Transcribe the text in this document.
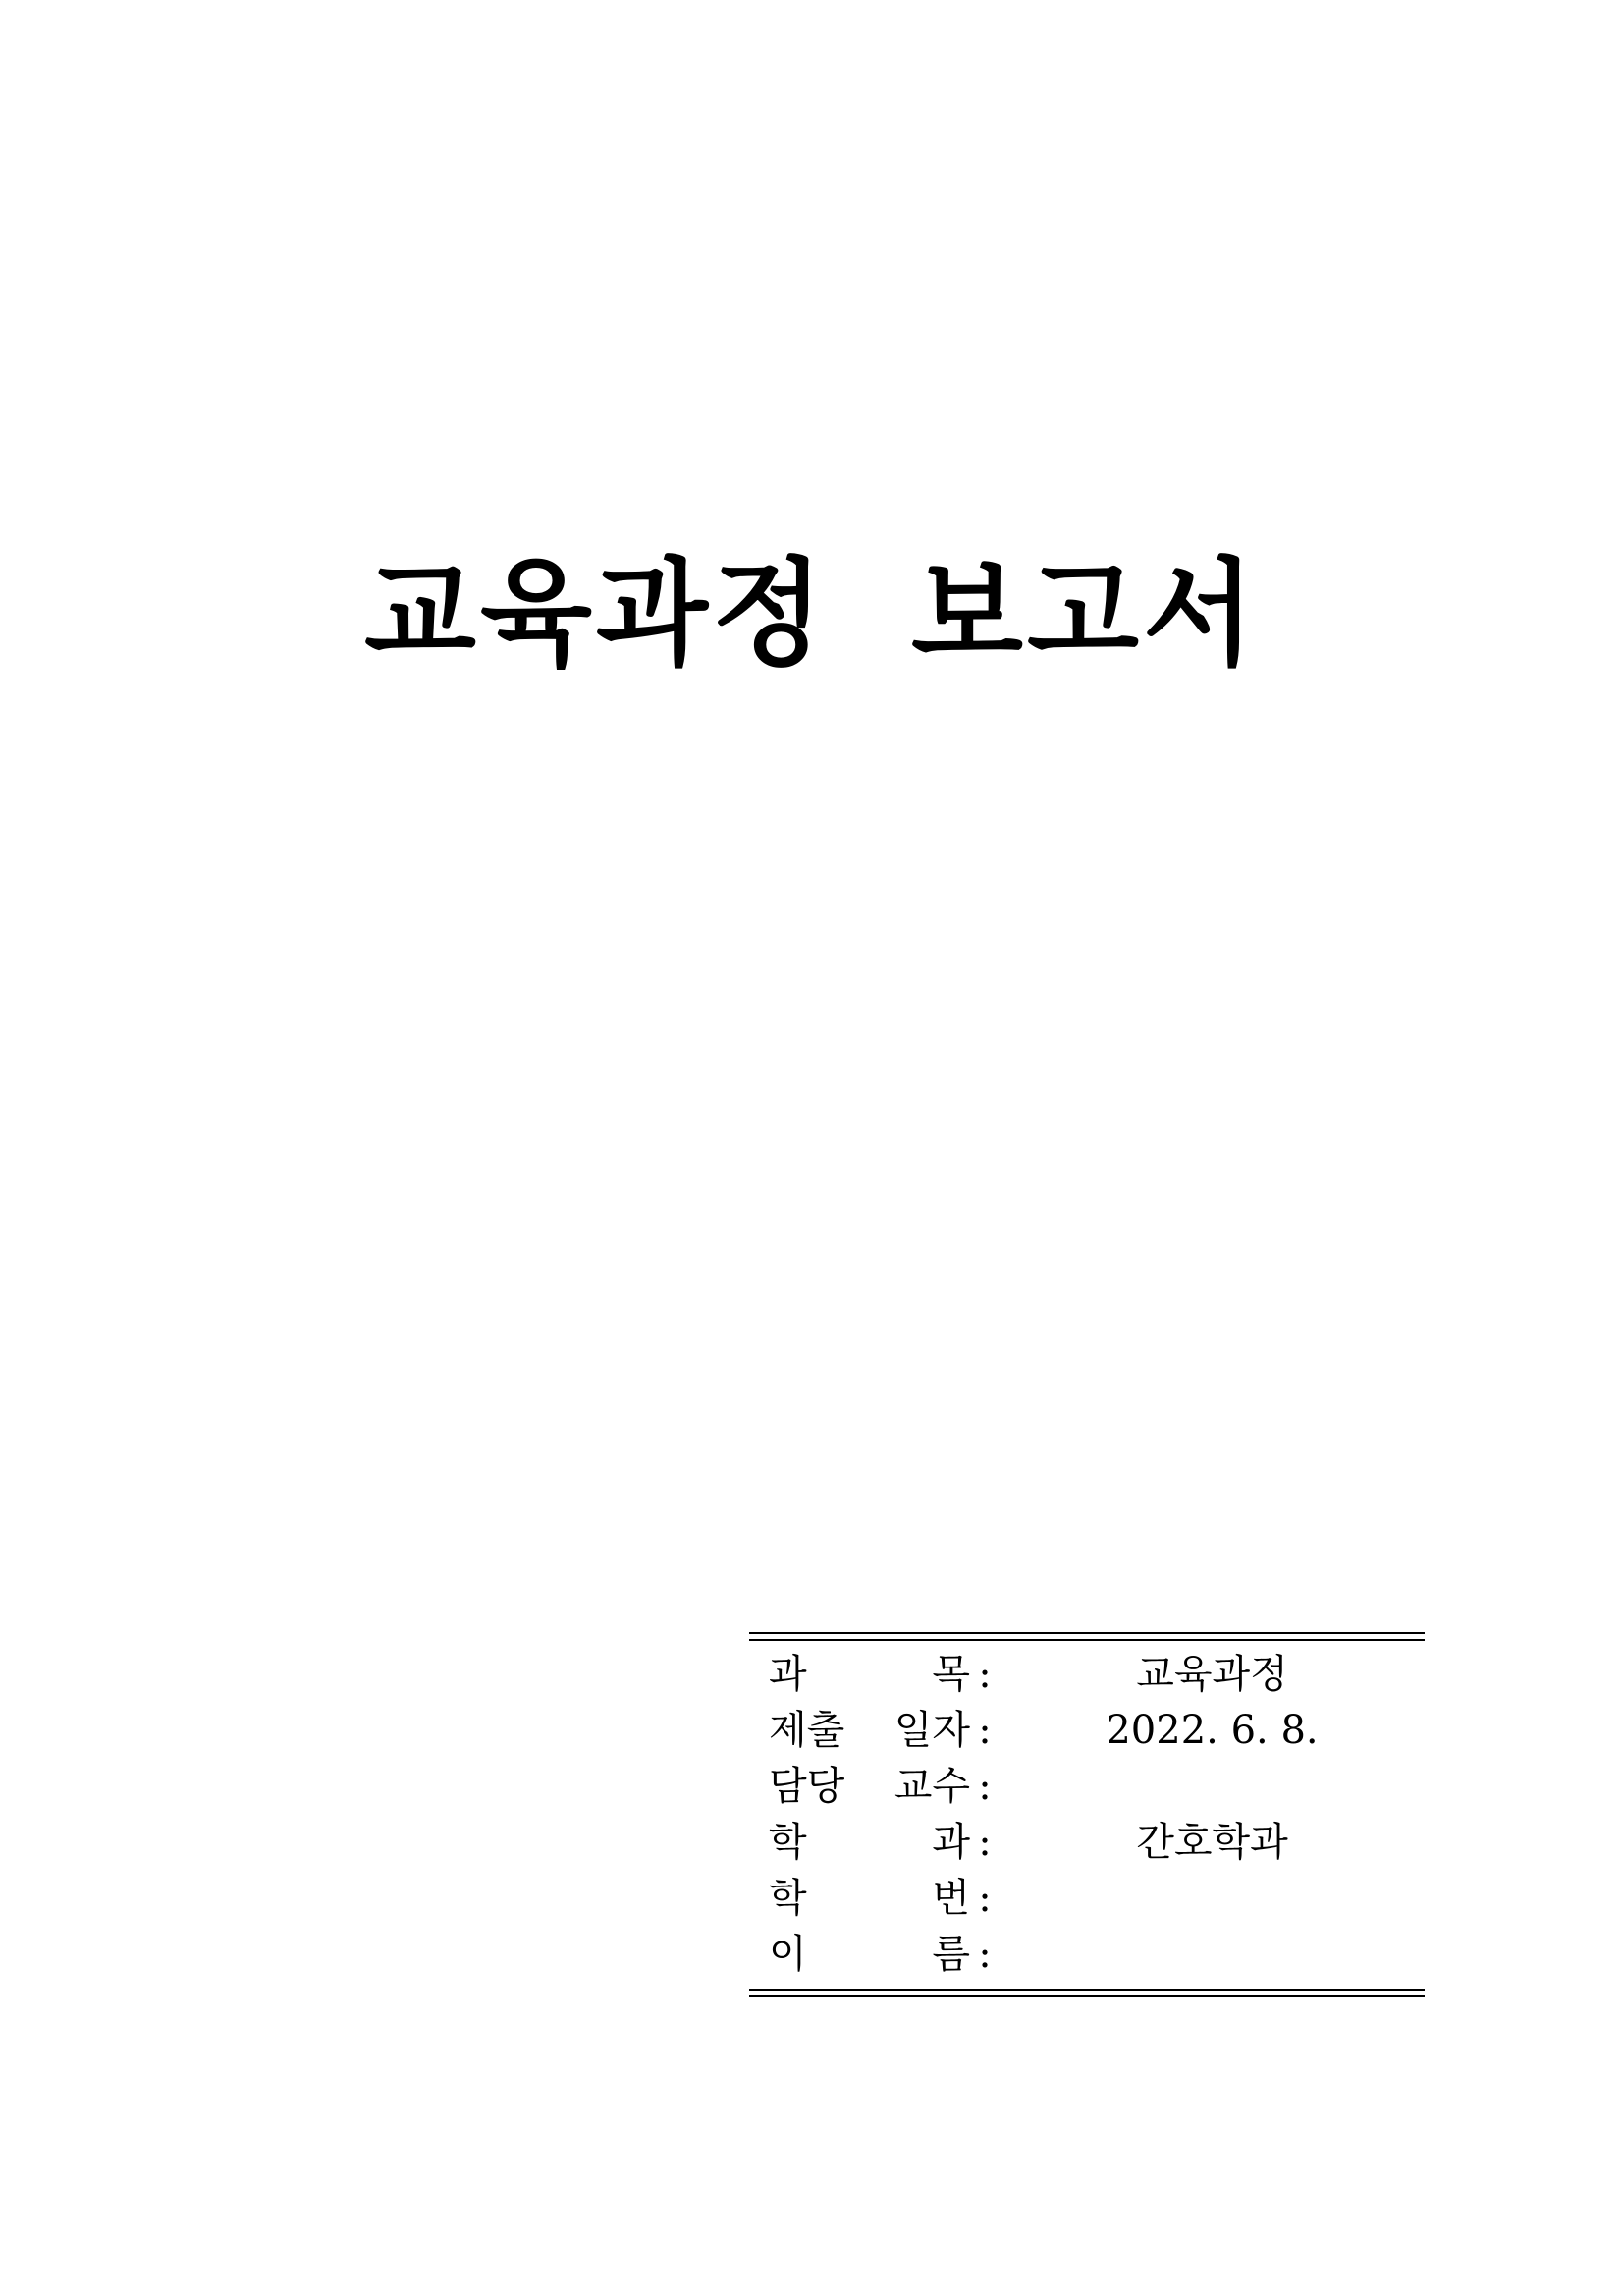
교육과정 보고서
과	목 :	교육과정
제출 일자 :	2022. 6. 8.
담당 교수 :
학	과 :	간호학과
학	번 :
이	름 :
